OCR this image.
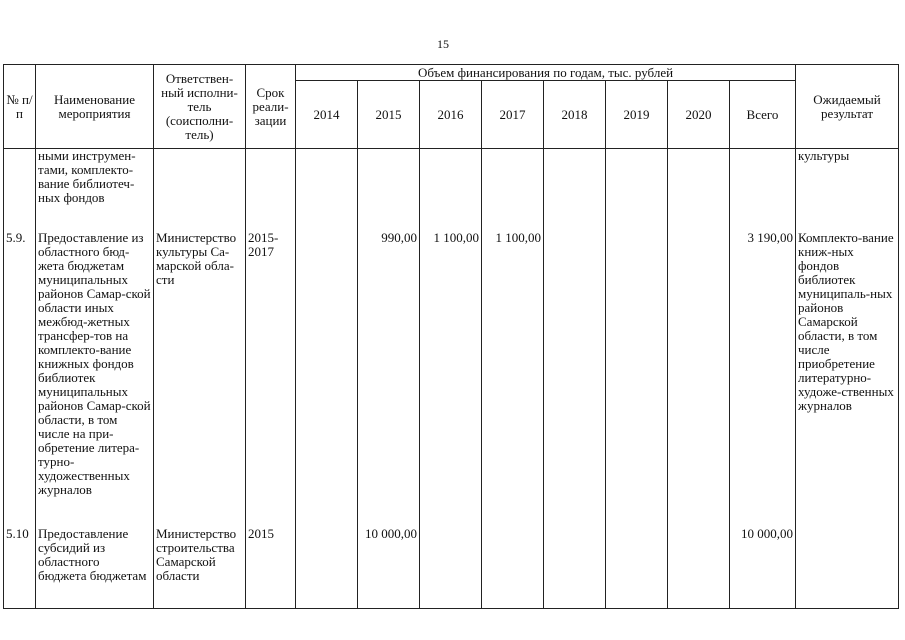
15
№ п/п	Наименование мероприятия	Ответствен-ный исполни-тель (соисполни-тель)	Срок реали-зации	Объем финансирования по годам, тыс. рублей								Ожидаемый результат
				2014	2015	2016	2017	2018	2019	2020	Всего	
	ными инструмен-тами, комплекто-вание библиотеч-ных фондов											культуры
5.9.	Предоставление из областного бюд-жета бюджетам муниципальных районов Самар-ской области иных межбюд-жетных трансфер-тов на комплекто-вание книжных фондов библиотек муниципальных районов Самар-ской области, в том числе на при-обретение литера-турно-художественных журналов	Министерство культуры Са-марской обла-сти	2015-2017		990,00	1 100,00	1 100,00				3 190,00	Комплекто-вание книж-ных фондов библиотек муниципаль-ных районов Самарской области, в том числе приобретение литературно-художе-ственных журналов
5.10	Предоставление субсидий из областного бюджета бюджетам	Министерство строительства Самарской области	2015		10 000,00						10 000,00	
